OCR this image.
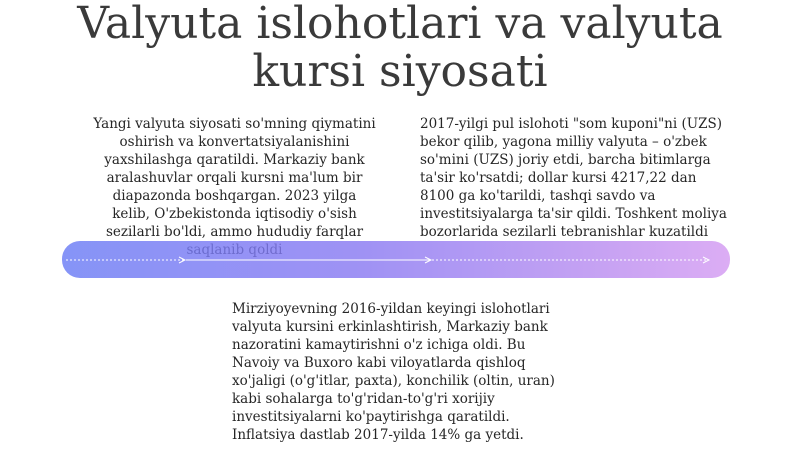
Valyuta islohotlari va valyuta
kursi siyosati

Yangi valyuta siyosati so'mning qiymatini oshirish va konvertatsiyalanishini yaxshilashga qaratildi. Markaziy bank aralashuvlar orqali kursni ma'lum bir diapazonda boshqargan. 2023 yilga kelib, O'zbekistonda iqtisodiy o'sish sezilarli bo'ldi, ammo hududiy farqlar

2017-yilgi pul islohoti "som kuponi"ni (UZS) bekor qilib, yagona milliy valyuta – o'zbek so'mini (UZS) joriy etdi, barcha bitimlarga ta'sir ko'rsatdi; dollar kursi 4217,22 dan 8100 ga ko'tarildi, tashqi savdo va investitsiyalarga ta'sir qildi. Toshkent moliya bozorlarida sezilarli tebranishlar kuzatildi

Mirziyoyevning 2016-yildan keyingi islohotlari valyuta kursini erkinlashtirish, Markaziy bank nazoratini kamaytirishni o'z ichiga oldi. Bu Navoiy va Buxoro kabi viloyatlarda qishloq xo'jaligi (o'g'itlar, paxta), konchilik (oltin, uran) kabi sohalarga to'g'ridan-to'g'ri xorijiy investitsiyalarni ko'paytirishga qaratildi. Inflatsiya dastlab 2017-yilda 14% ga yetdi.
